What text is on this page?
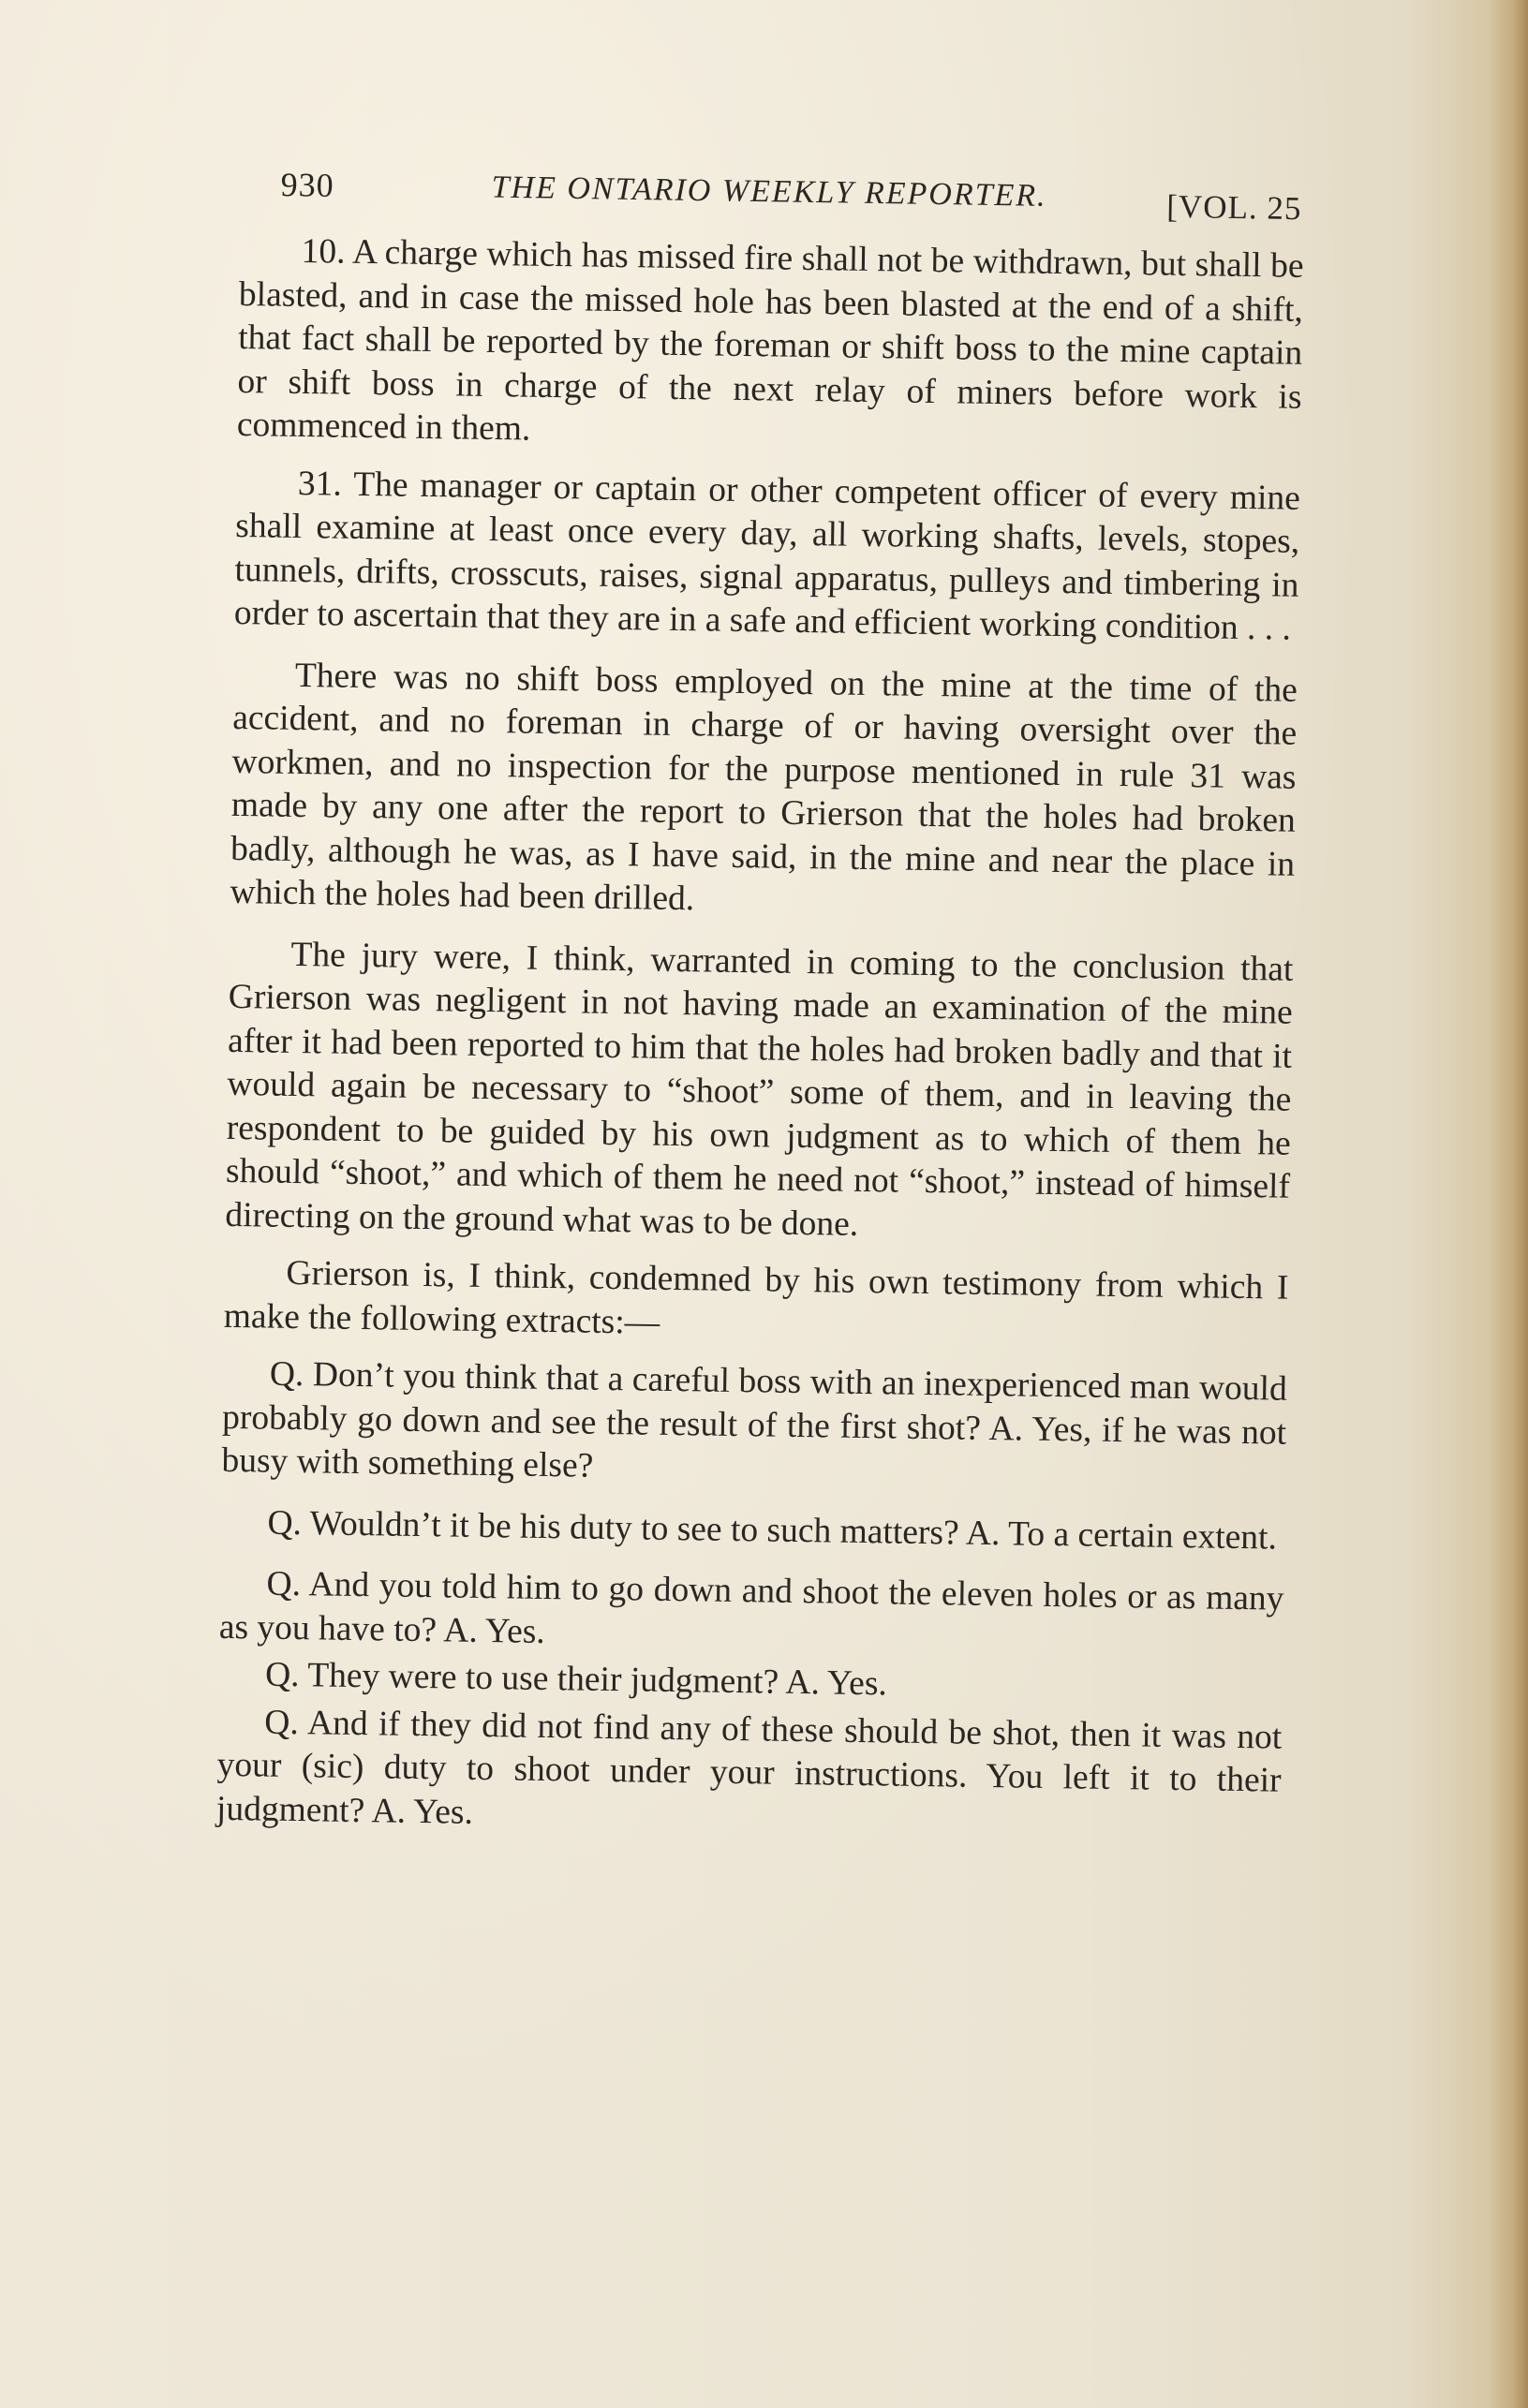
930	THE ONTARIO WEEKLY REPORTER.	[VOL. 25

10. A charge which has missed fire shall not be withdrawn, but shall be blasted, and in case the missed hole has been blasted at the end of a shift, that fact shall be reported by the foreman or shift boss to the mine captain or shift boss in charge of the next relay of miners before work is commenced in them.

31. The manager or captain or other competent officer of every mine shall examine at least once every day, all working shafts, levels, stopes, tunnels, drifts, crosscuts, raises, signal apparatus, pulleys and timbering in order to ascertain that they are in a safe and efficient working condition . . .

There was no shift boss employed on the mine at the time of the accident, and no foreman in charge of or having oversight over the workmen, and no inspection for the purpose mentioned in rule 31 was made by any one after the report to Grierson that the holes had broken badly, although he was, as I have said, in the mine and near the place in which the holes had been drilled.

The jury were, I think, warranted in coming to the conclusion that Grierson was negligent in not having made an examination of the mine after it had been reported to him that the holes had broken badly and that it would again be necessary to “shoot” some of them, and in leaving the respondent to be guided by his own judgment as to which of them he should “shoot,” and which of them he need not “shoot,” instead of himself directing on the ground what was to be done.

Grierson is, I think, condemned by his own testimony from which I make the following extracts:—

Q. Don’t you think that a careful boss with an inexperienced man would probably go down and see the result of the first shot? A. Yes, if he was not busy with something else?

Q. Wouldn’t it be his duty to see to such matters? A. To a certain extent.

Q. And you told him to go down and shoot the eleven holes or as many as you have to? A. Yes.

Q. They were to use their judgment? A. Yes.

Q. And if they did not find any of these should be shot, then it was not your (sic) duty to shoot under your instructions. You left it to their judgment? A. Yes.
